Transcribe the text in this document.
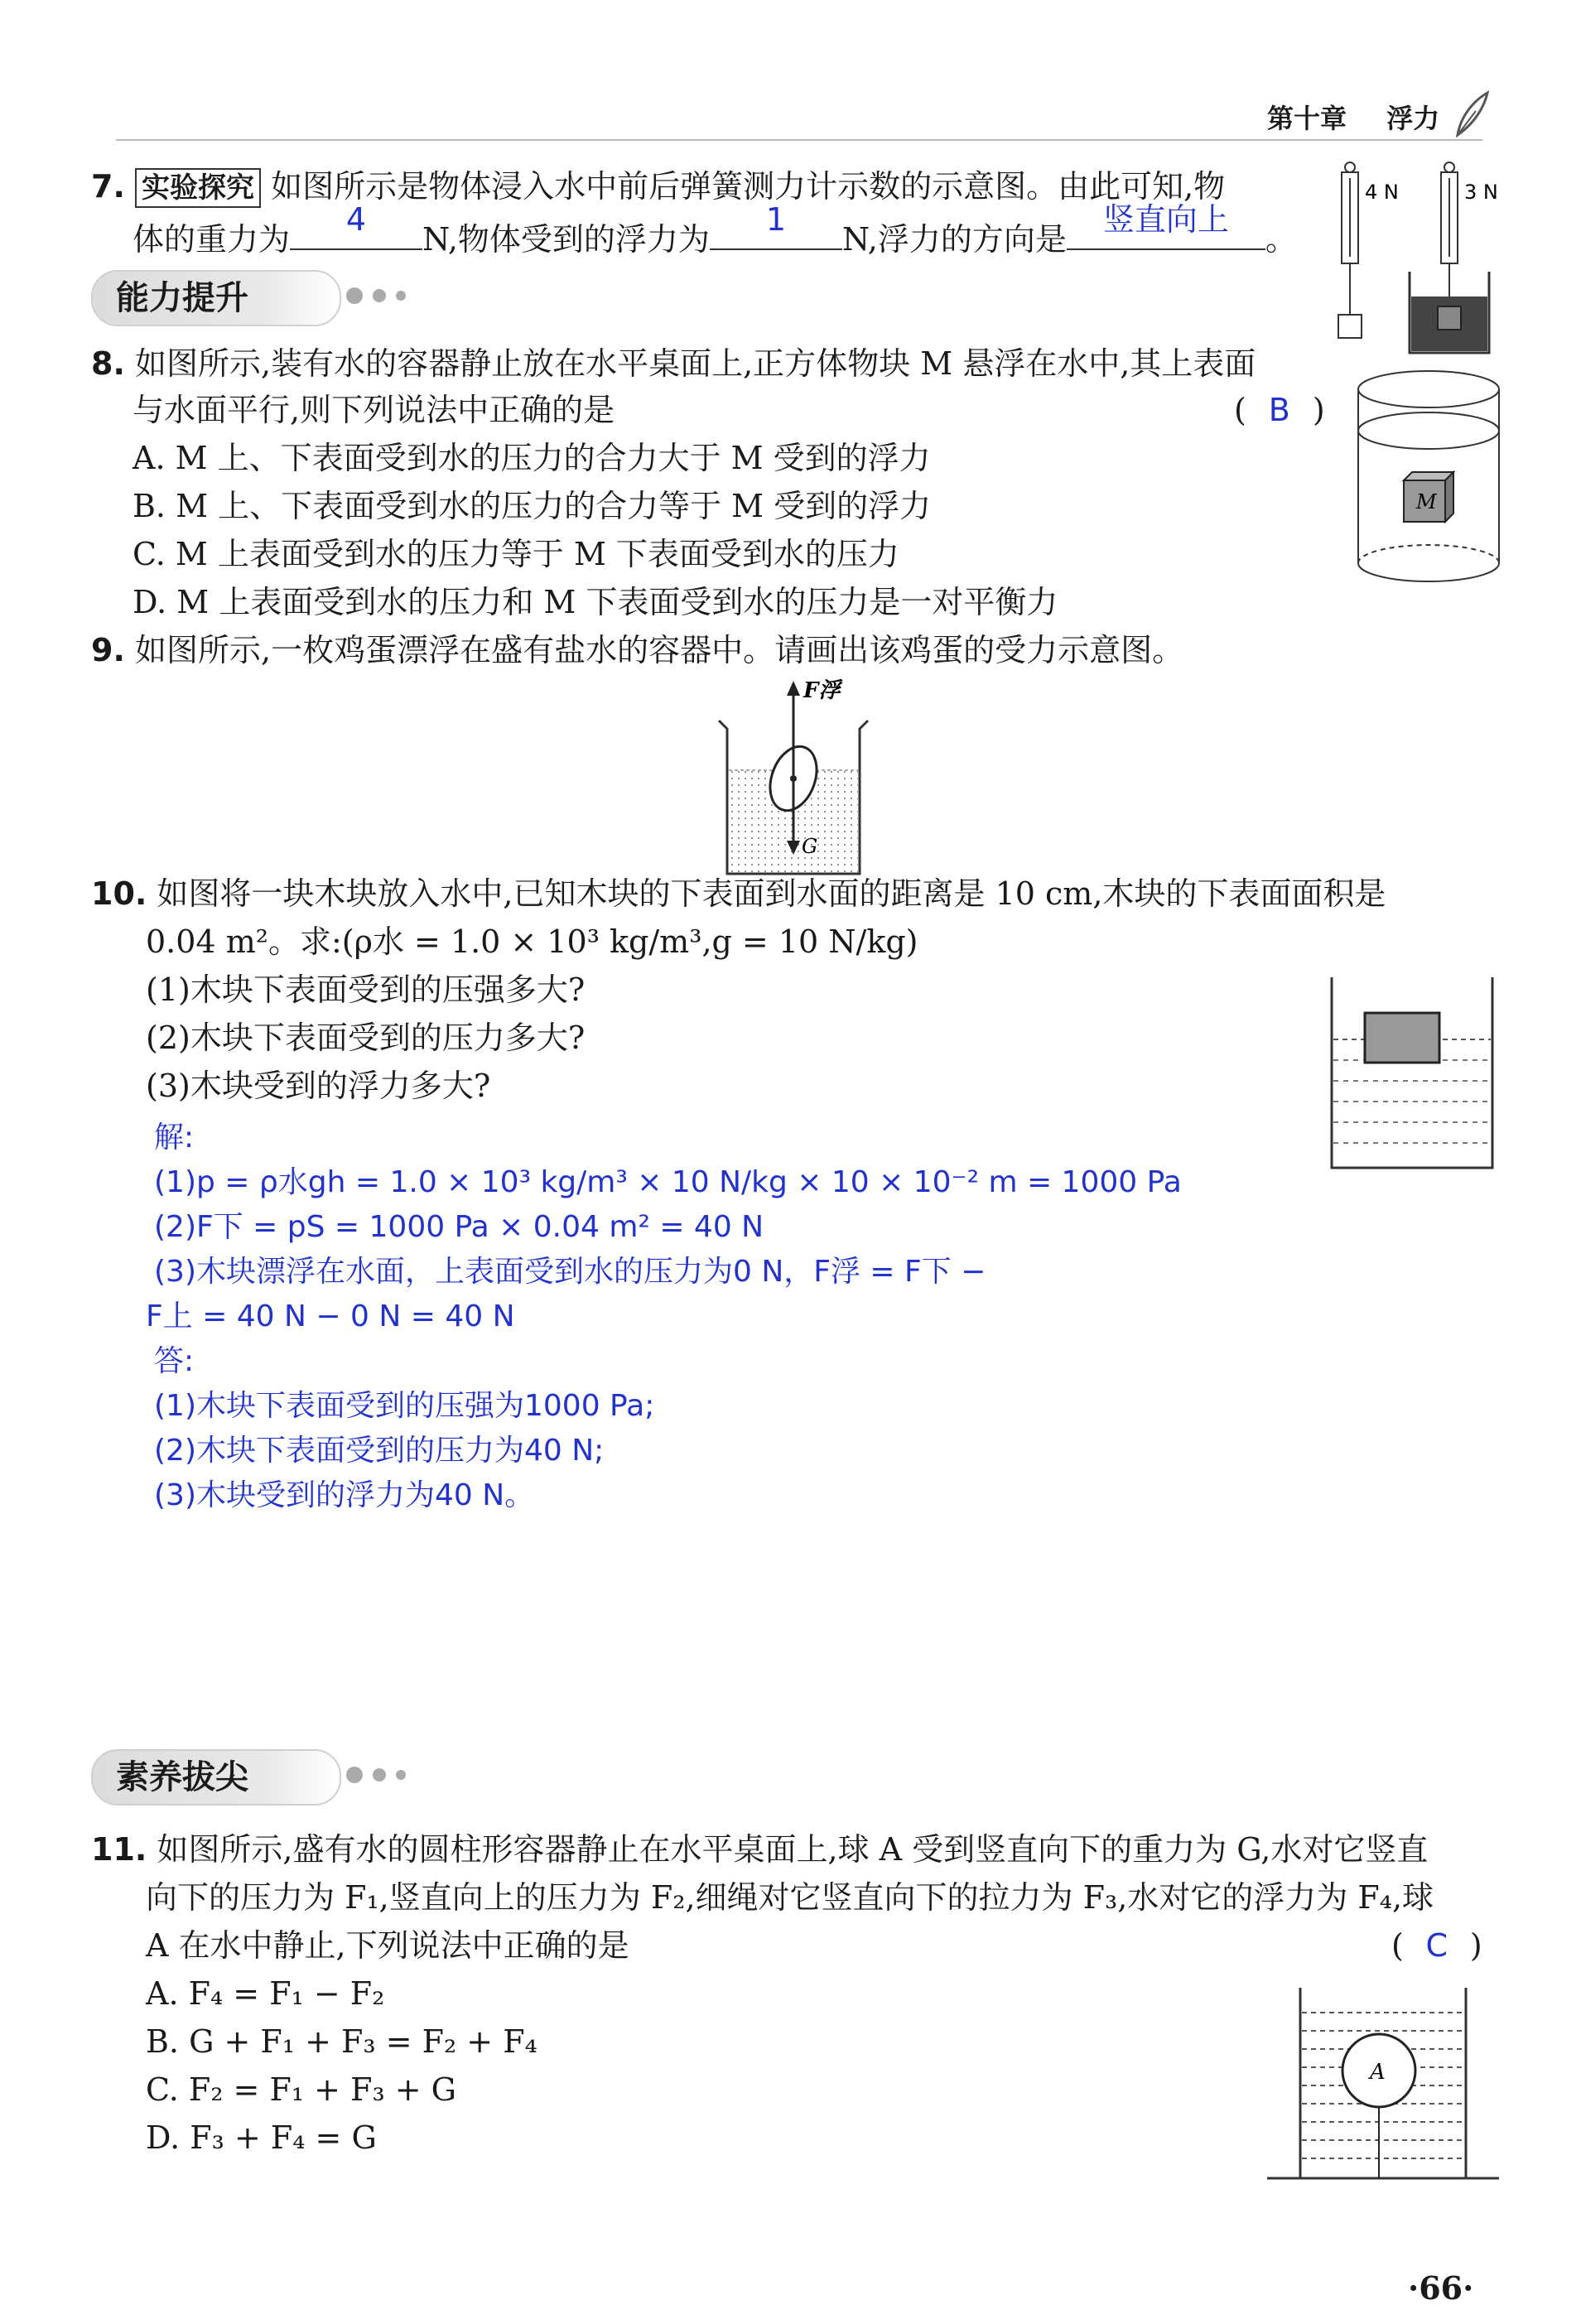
第十章 浮力
7. 实验探究 如图所示是物体浸入水中前后弹簧测力计示数的示意图。由此可知,物
体的重力为
4
N,物体受到的浮力为
1
N,浮力的方向是
竖直向上
。
4 N	3 N
能力提升
8. 如图所示,装有水的容器静止放在水平桌面上,正方体物块 M 悬浮在水中,其上表面
与水面平行,则下列说法中正确的是	( B )
A. M 上、下表面受到水的压力的合力大于 M 受到的浮力
B. M 上、下表面受到水的压力的合力等于 M 受到的浮力
C. M 上表面受到水的压力等于 M 下表面受到水的压力
D. M 上表面受到水的压力和 M 下表面受到水的压力是一对平衡力
M
9. 如图所示,一枚鸡蛋漂浮在盛有盐水的容器中。请画出该鸡蛋的受力示意图。
F浮
G
10. 如图将一块木块放入水中,已知木块的下表面到水面的距离是 10 cm,木块的下表面面积是
0.04 m²。求:(ρ水 = 1.0 × 10³ kg/m³,g = 10 N/kg)
(1)木块下表面受到的压强多大?
(2)木块下表面受到的压力多大?
(3)木块受到的浮力多大?
解:
(1)p = ρ水gh = 1.0 × 10³ kg/m³ × 10 N/kg × 10 × 10⁻² m = 1000 Pa
(2)F下 = pS = 1000 Pa × 0.04 m² = 40 N
(3)木块漂浮在水面，上表面受到水的压力为0 N，F浮 = F下 −
F上 = 40 N − 0 N = 40 N
答:
(1)木块下表面受到的压强为1000 Pa;
(2)木块下表面受到的压力为40 N;
(3)木块受到的浮力为40 N。
素养拔尖
11. 如图所示,盛有水的圆柱形容器静止在水平桌面上,球 A 受到竖直向下的重力为 G,水对它竖直
向下的压力为 F₁,竖直向上的压力为 F₂,细绳对它竖直向下的拉力为 F₃,水对它的浮力为 F₄,球
A 在水中静止,下列说法中正确的是	( C )
A. F₄ = F₁ − F₂
B. G + F₁ + F₃ = F₂ + F₄
C. F₂ = F₁ + F₃ + G
D. F₃ + F₄ = G
A
·66·
